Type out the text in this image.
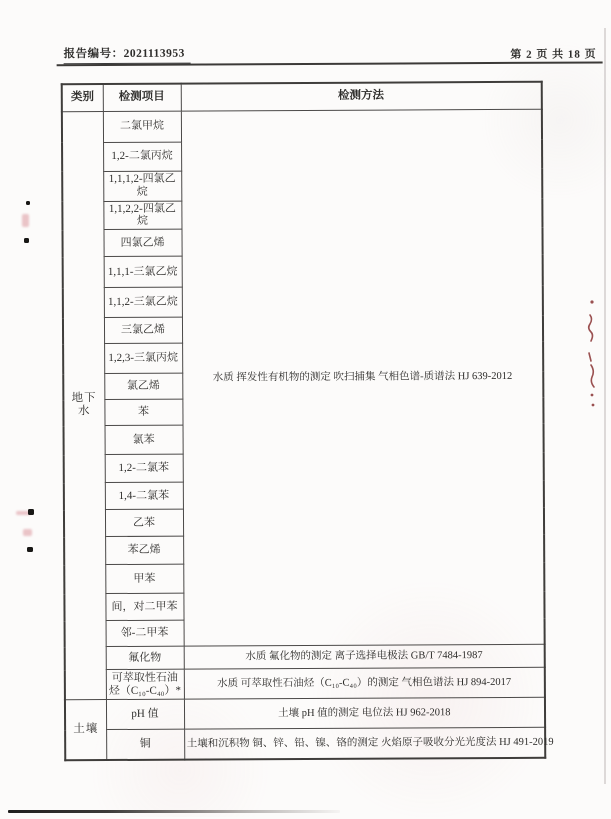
报告编号：2021113953	第 2 页 共 18 页
类别	检测项目	检测方法
地下水	二氯甲烷	水质 挥发性有机物的测定 吹扫捕集 气相色谱-质谱法 HJ 639-2012
	1,2-二氯丙烷	
	1,1,1,2-四氯乙烷	
	1,1,2,2-四氯乙烷	
	四氯乙烯	
	1,1,1-三氯乙烷	
	1,1,2-三氯乙烷	
	三氯乙烯	
	1,2,3-三氯丙烷	
	氯乙烯	
	苯	
	氯苯	
	1,2-二氯苯	
	1,4-二氯苯	
	乙苯	
	苯乙烯	
	甲苯	
	间，对二甲苯	
	邻-二甲苯	
	氟化物	水质 氟化物的测定 离子选择电极法 GB/T 7484-1987
	可萃取性石油烃（C₁₀-C₄₀）*	水质 可萃取性石油烃（C₁₀-C₄₀）的测定 气相色谱法 HJ 894-2017
土壤	pH 值	土壤 pH 值的测定 电位法 HJ 962-2018
	铜	土壤和沉积物 铜、锌、铅、镍、铬的测定 火焰原子吸收分光光度法 HJ 491-2019
